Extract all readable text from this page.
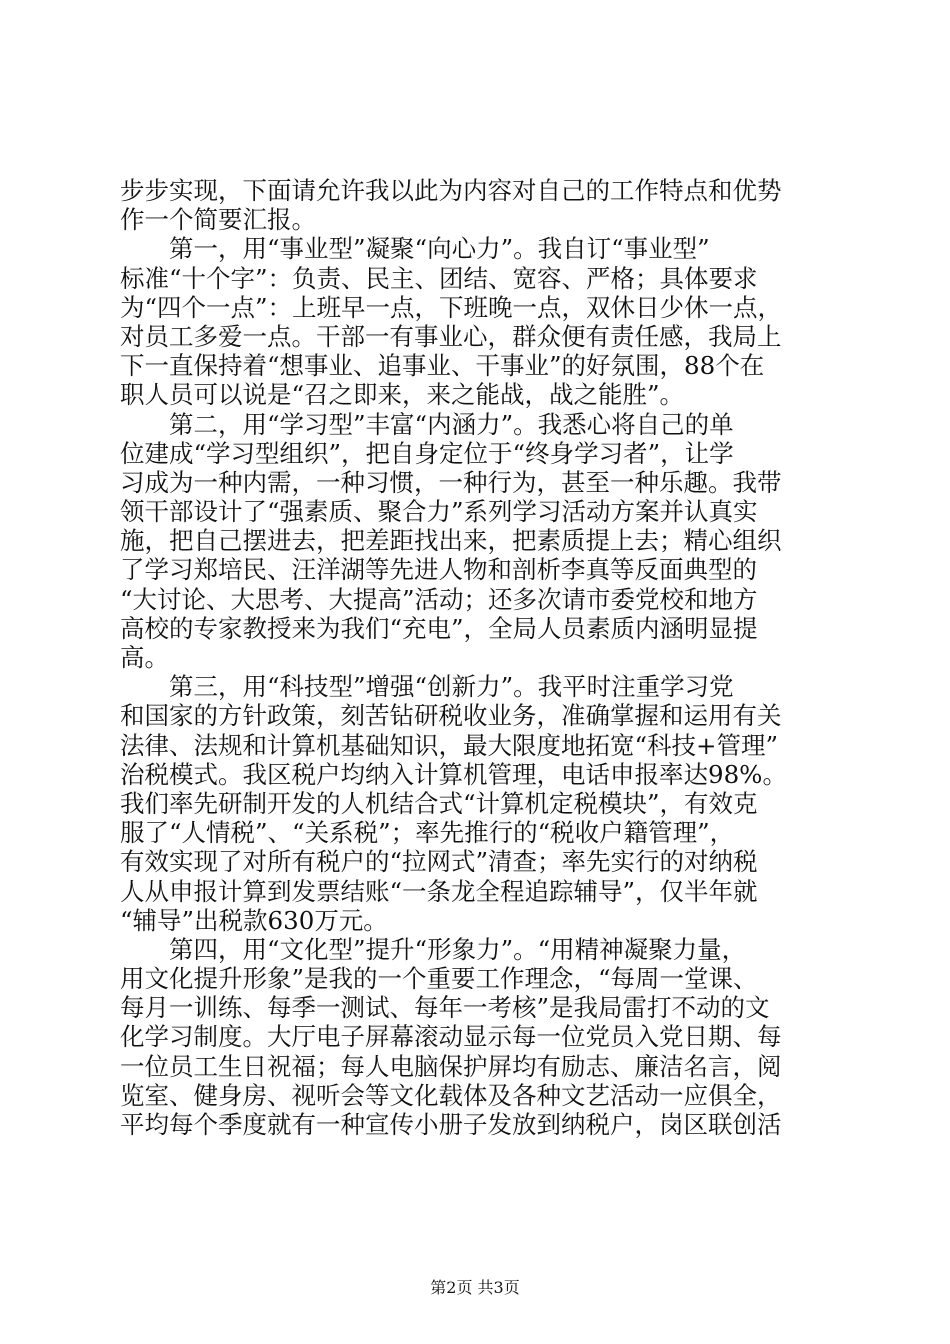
步步实现，下面请允许我以此为内容对自己的工作特点和优势
作一个简要汇报。
第一，用“事业型”凝聚“向心力”。我自订“事业型”
标准“十个字”：负责、民主、团结、宽容、严格；具体要求
为“四个一点”：上班早一点，下班晚一点，双休日少休一点，
对员工多爱一点。干部一有事业心，群众便有责任感，我局上
下一直保持着“想事业、追事业、干事业”的好氛围，88个在
职人员可以说是“召之即来，来之能战，战之能胜”。
第二，用“学习型”丰富“内涵力”。我悉心将自己的单
位建成“学习型组织”，把自身定位于“终身学习者”，让学
习成为一种内需，一种习惯，一种行为，甚至一种乐趣。我带
领干部设计了“强素质、聚合力”系列学习活动方案并认真实
施，把自己摆进去，把差距找出来，把素质提上去；精心组织
了学习郑培民、汪洋湖等先进人物和剖析李真等反面典型的
“大讨论、大思考、大提高”活动；还多次请市委党校和地方
高校的专家教授来为我们“充电”，全局人员素质内涵明显提
高。
第三，用“科技型”增强“创新力”。我平时注重学习党
和国家的方针政策，刻苦钻研税收业务，准确掌握和运用有关
法律、法规和计算机基础知识，最大限度地拓宽“科技+管理”
治税模式。我区税户均纳入计算机管理，电话申报率达98%。
我们率先研制开发的人机结合式“计算机定税模块”，有效克
服了“人情税”、“关系税”；率先推行的“税收户籍管理”，
有效实现了对所有税户的“拉网式”清查；率先实行的对纳税
人从申报计算到发票结账“一条龙全程追踪辅导”，仅半年就
“辅导”出税款630万元。
第四，用“文化型”提升“形象力”。“用精神凝聚力量，
用文化提升形象”是我的一个重要工作理念，“每周一堂课、
每月一训练、每季一测试、每年一考核”是我局雷打不动的文
化学习制度。大厅电子屏幕滚动显示每一位党员入党日期、每
一位员工生日祝福；每人电脑保护屏均有励志、廉洁名言，阅
览室、健身房、视听会等文化载体及各种文艺活动一应俱全，
平均每个季度就有一种宣传小册子发放到纳税户，岗区联创活
第2页 共3页
